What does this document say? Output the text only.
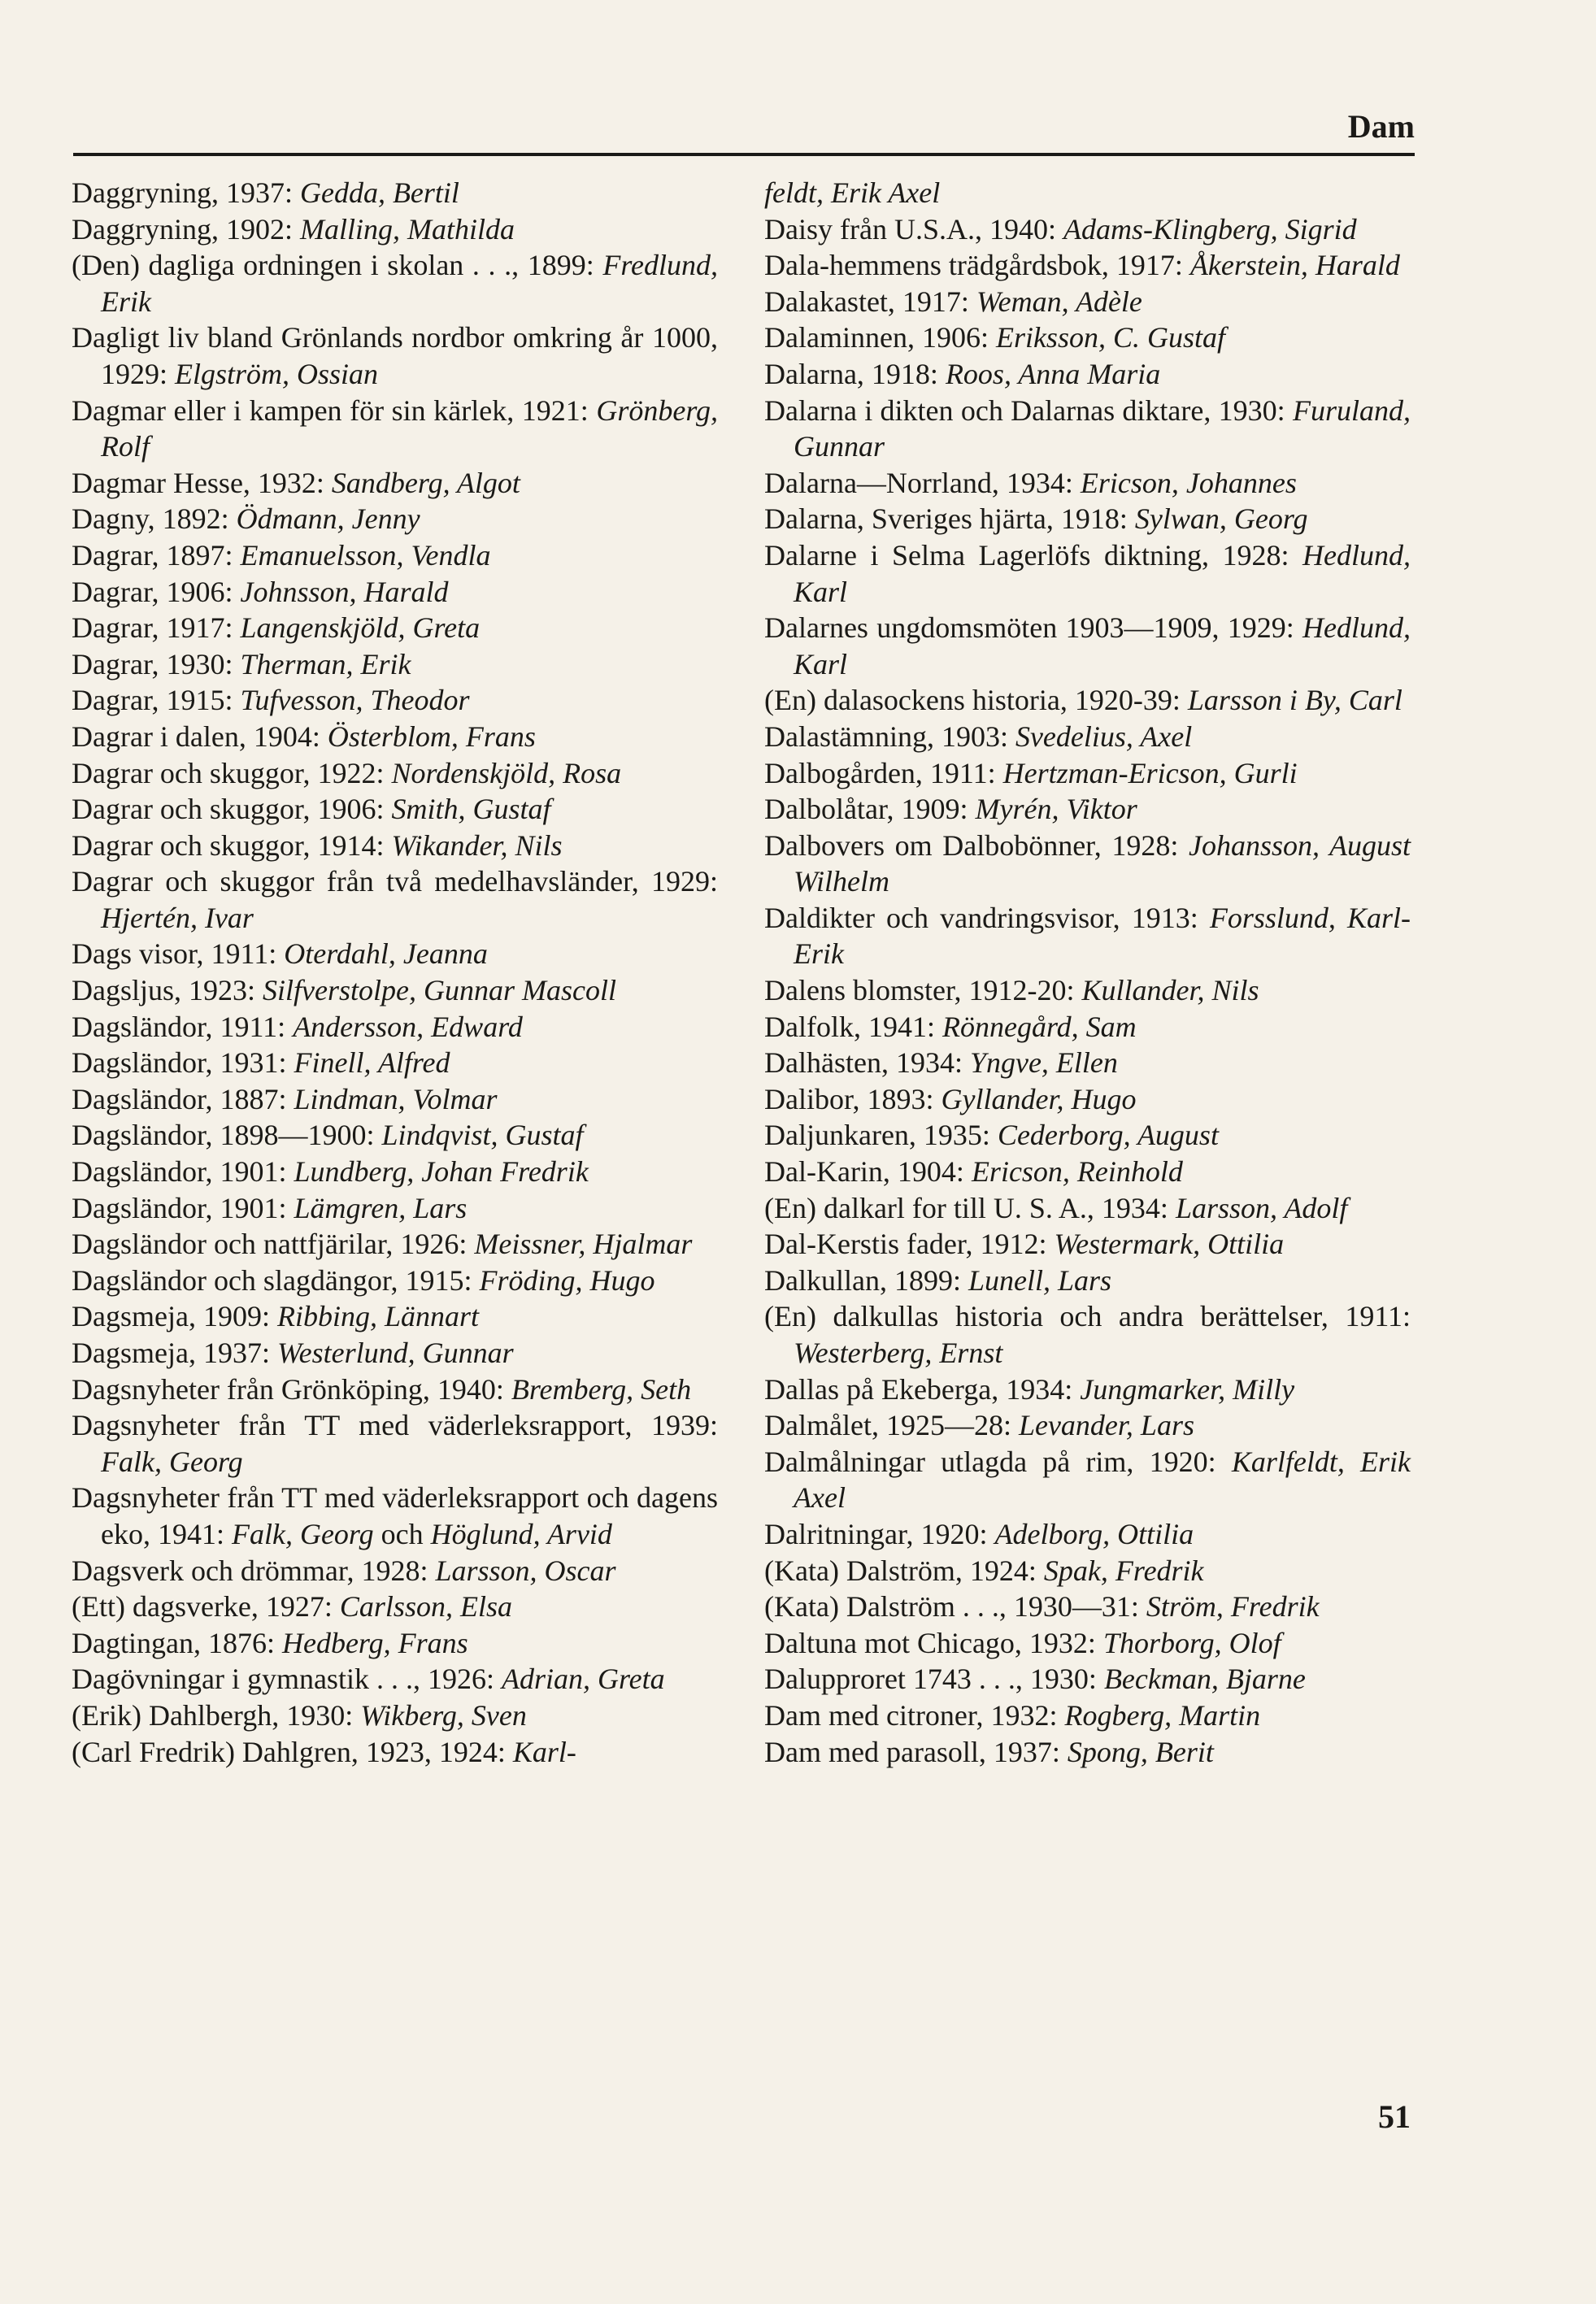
Dam

Daggryning, 1937: Gedda, Bertil

Daggryning, 1902: Malling, Mathilda

(Den) dagliga ordningen i skolan . . ., 1899: Fredlund, Erik

Dagligt liv bland Grönlands nordbor omkring år 1000, 1929: Elgström, Ossian

Dagmar eller i kampen för sin kärlek, 1921: Grönberg, Rolf

Dagmar Hesse, 1932: Sandberg, Algot

Dagny, 1892: Ödmann, Jenny

Dagrar, 1897: Emanuelsson, Vendla

Dagrar, 1906: Johnsson, Harald

Dagrar, 1917: Langenskjöld, Greta

Dagrar, 1930: Therman, Erik

Dagrar, 1915: Tufvesson, Theodor

Dagrar i dalen, 1904: Österblom, Frans

Dagrar och skuggor, 1922: Nordenskjöld, Rosa

Dagrar och skuggor, 1906: Smith, Gustaf

Dagrar och skuggor, 1914: Wikander, Nils

Dagrar och skuggor från två medelhavsländer, 1929: Hjertén, Ivar

Dags visor, 1911: Oterdahl, Jeanna

Dagsljus, 1923: Silfverstolpe, Gunnar Mascoll

Dagsländor, 1911: Andersson, Edward

Dagsländor, 1931: Finell, Alfred

Dagsländor, 1887: Lindman, Volmar

Dagsländor, 1898—1900: Lindqvist, Gustaf

Dagsländor, 1901: Lundberg, Johan Fredrik

Dagsländor, 1901: Lämgren, Lars

Dagsländor och nattfjärilar, 1926: Meissner, Hjalmar

Dagsländor och slagdängor, 1915: Fröding, Hugo

Dagsmeja, 1909: Ribbing, Lännart

Dagsmeja, 1937: Westerlund, Gunnar

Dagsnyheter från Grönköping, 1940: Bremberg, Seth

Dagsnyheter från TT med väderleksrapport, 1939: Falk, Georg

Dagsnyheter från TT med väderleksrapport och dagens eko, 1941: Falk, Georg och Höglund, Arvid

Dagsverk och drömmar, 1928: Larsson, Oscar

(Ett) dagsverke, 1927: Carlsson, Elsa

Dagtingan, 1876: Hedberg, Frans

Dagövningar i gymnastik . . ., 1926: Adrian, Greta

(Erik) Dahlbergh, 1930: Wikberg, Sven

(Carl Fredrik) Dahlgren, 1923, 1924: Karl-

feldt, Erik Axel

Daisy från U.S.A., 1940: Adams-Klingberg, Sigrid

Dala-hemmens trädgårdsbok, 1917: Åkerstein, Harald

Dalakastet, 1917: Weman, Adèle

Dalaminnen, 1906: Eriksson, C. Gustaf

Dalarna, 1918: Roos, Anna Maria

Dalarna i dikten och Dalarnas diktare, 1930: Furuland, Gunnar

Dalarna—Norrland, 1934: Ericson, Johannes

Dalarna, Sveriges hjärta, 1918: Sylwan, Georg

Dalarne i Selma Lagerlöfs diktning, 1928: Hedlund, Karl

Dalarnes ungdomsmöten 1903—1909, 1929: Hedlund, Karl

(En) dalasockens historia, 1920-39: Larsson i By, Carl

Dalastämning, 1903: Svedelius, Axel

Dalbogården, 1911: Hertzman-Ericson, Gurli

Dalbolåtar, 1909: Myrén, Viktor

Dalbovers om Dalbobönner, 1928: Johansson, August Wilhelm

Daldikter och vandringsvisor, 1913: Forsslund, Karl-Erik

Dalens blomster, 1912-20: Kullander, Nils

Dalfolk, 1941: Rönnegård, Sam

Dalhästen, 1934: Yngve, Ellen

Dalibor, 1893: Gyllander, Hugo

Daljunkaren, 1935: Cederborg, August

Dal-Karin, 1904: Ericson, Reinhold

(En) dalkarl for till U. S. A., 1934: Larsson, Adolf

Dal-Kerstis fader, 1912: Westermark, Ottilia

Dalkullan, 1899: Lunell, Lars

(En) dalkullas historia och andra berättelser, 1911: Westerberg, Ernst

Dallas på Ekeberga, 1934: Jungmarker, Milly

Dalmålet, 1925—28: Levander, Lars

Dalmålningar utlagda på rim, 1920: Karlfeldt, Erik Axel

Dalritningar, 1920: Adelborg, Ottilia

(Kata) Dalström, 1924: Spak, Fredrik

(Kata) Dalström . . ., 1930—31: Ström, Fredrik

Daltuna mot Chicago, 1932: Thorborg, Olof

Dalupproret 1743 . . ., 1930: Beckman, Bjarne

Dam med citroner, 1932: Rogberg, Martin

Dam med parasoll, 1937: Spong, Berit

51
